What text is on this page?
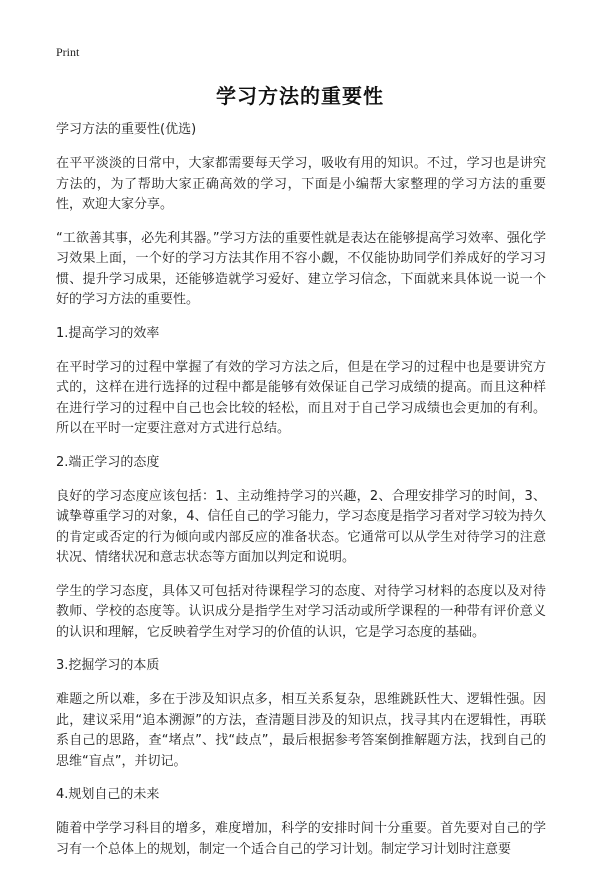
Print
学习方法的重要性

学习方法的重要性(优选)

在平平淡淡的日常中，大家都需要每天学习，吸收有用的知识。不过，学习也是讲究方法的，为了帮助大家正确高效的学习，下面是小编帮大家整理的学习方法的重要性，欢迎大家分享。

“工欲善其事，必先利其器。”学习方法的重要性就是表达在能够提高学习效率、强化学习效果上面，一个好的学习方法其作用不容小觑，不仅能协助同学们养成好的学习习惯、提升学习成果，还能够造就学习爱好、建立学习信念，下面就来具体说一说一个好的学习方法的重要性。

1.提高学习的效率

在平时学习的过程中掌握了有效的学习方法之后，但是在学习的过程中也是要讲究方式的，这样在进行选择的过程中都是能够有效保证自己学习成绩的提高。而且这种样在进行学习的过程中自己也会比较的轻松，而且对于自己学习成绩也会更加的有利。所以在平时一定要注意对方式进行总结。

2.端正学习的态度

良好的学习态度应该包括：1、主动维持学习的兴趣，2、合理安排学习的时间，3、诚挚尊重学习的对象，4、信任自己的学习能力，学习态度是指学习者对学习较为持久的肯定或否定的行为倾向或内部反应的准备状态。它通常可以从学生对待学习的注意状况、情绪状况和意志状态等方面加以判定和说明。

学生的学习态度，具体又可包括对待课程学习的态度、对待学习材料的态度以及对待教师、学校的态度等。认识成分是指学生对学习活动或所学课程的一种带有评价意义的认识和理解，它反映着学生对学习的价值的认识，它是学习态度的基础。

3.挖掘学习的本质

难题之所以难，多在于涉及知识点多，相互关系复杂，思维跳跃性大、逻辑性强。因此，建议采用“追本溯源”的方法，查清题目涉及的知识点，找寻其内在逻辑性，再联系自己的思路，查“堵点”、找“歧点”，最后根据参考答案倒推解题方法，找到自己的思维“盲点”，并切记。

4.规划自己的未来

随着中学学习科目的增多，难度增加，科学的安排时间十分重要。首先要对自己的学习有一个总体上的规划，制定一个适合自己的学习计划。制定学习计划时注意要
